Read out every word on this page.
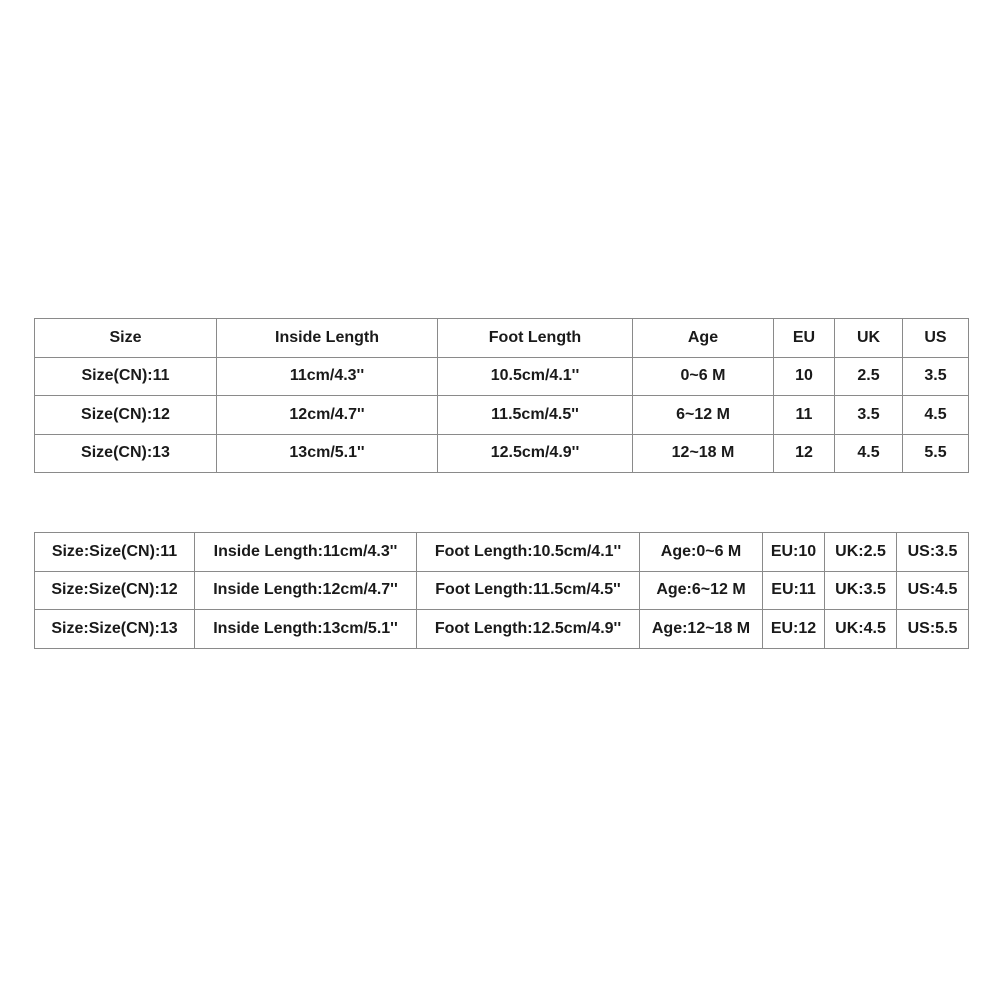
Size	Inside Length	Foot Length	Age	EU	UK	US
Size(CN):11	11cm/4.3''	10.5cm/4.1''	0~6 M	10	2.5	3.5
Size(CN):12	12cm/4.7''	11.5cm/4.5''	6~12 M	11	3.5	4.5
Size(CN):13	13cm/5.1''	12.5cm/4.9''	12~18 M	12	4.5	5.5
Size:Size(CN):11	Inside Length:11cm/4.3''	Foot Length:10.5cm/4.1''	Age:0~6 M	EU:10	UK:2.5	US:3.5
Size:Size(CN):12	Inside Length:12cm/4.7''	Foot Length:11.5cm/4.5''	Age:6~12 M	EU:11	UK:3.5	US:4.5
Size:Size(CN):13	Inside Length:13cm/5.1''	Foot Length:12.5cm/4.9''	Age:12~18 M	EU:12	UK:4.5	US:5.5
